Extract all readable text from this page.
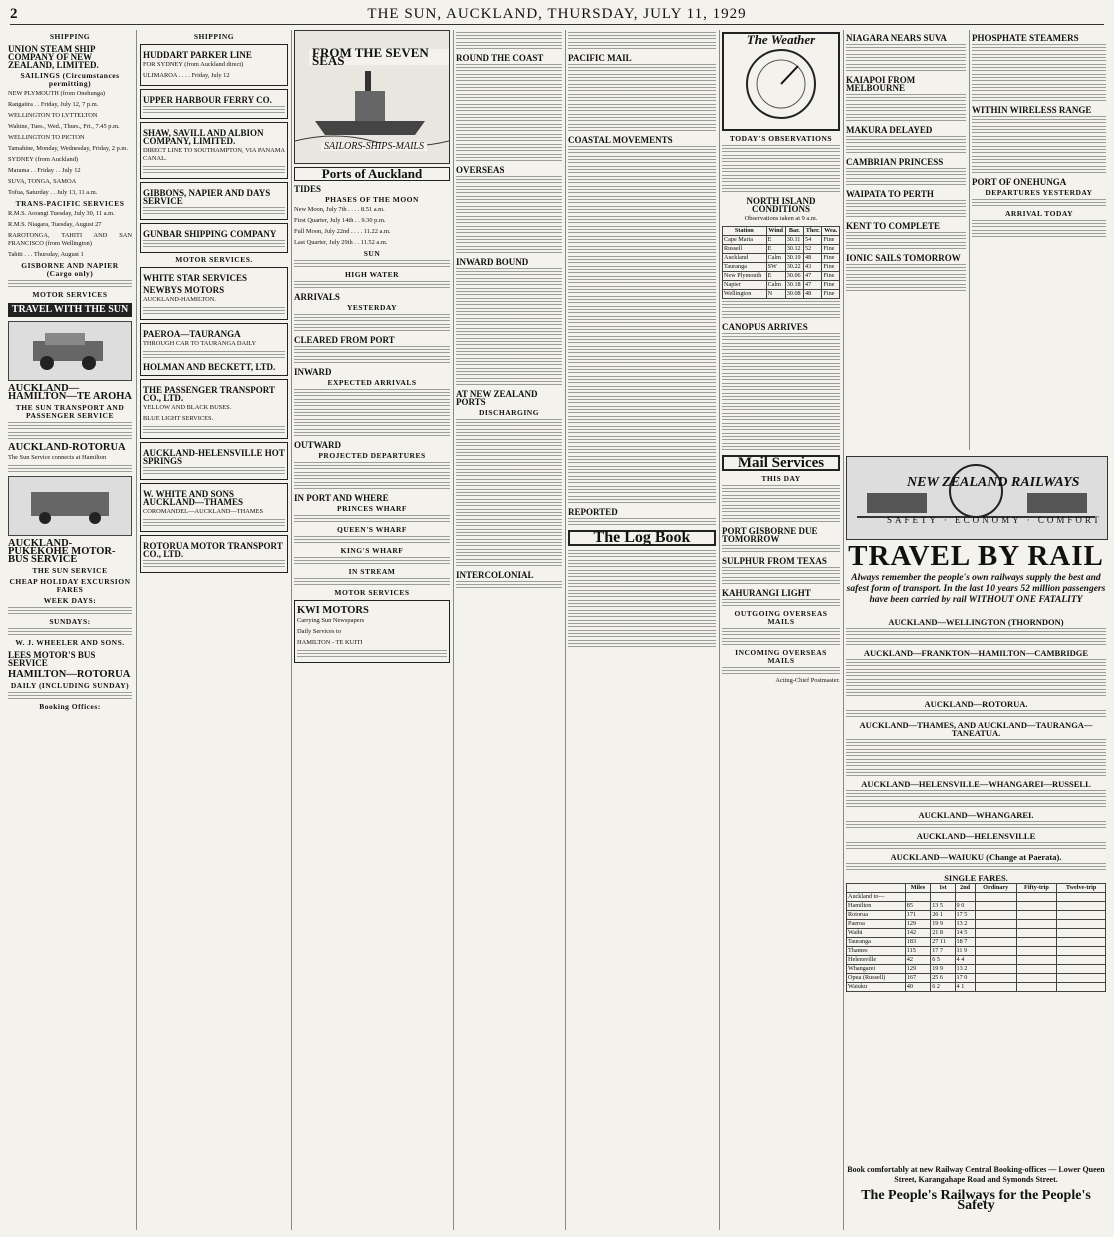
2	THE SUN, AUCKLAND, THURSDAY, JULY 11, 1929
SHIPPING
UNION STEAM SHIP COMPANY OF NEW ZEALAND, LIMITED.
SAILINGS (Circumstances permitting)

NEW PLYMOUTH (from Onehunga)

Rangatira . . Friday, July 12, 7 p.m.

WELLINGTON TO LYTTELTON

Wahine, Tues., Wed., Thurs., Fri., 7.45 p.m.

WELLINGTON TO PICTON

Tamahine, Monday, Wednesday, Friday, 2 p.m.

SYDNEY (from Auckland)

Marama . . Friday . . July 12

SUVA, TONGA, SAMOA

Tofua, Saturday . . July 13, 11 a.m.

TRANS-PACIFIC SERVICES

R.M.S. Aorangi Tuesday, July 30, 11 a.m.

R.M.S. Niagara, Tuesday, August 27

RAROTONGA, TAHITI AND SAN FRANCISCO (from Wellington)

Tahiti . . . Thursday, August 1

GISBORNE AND NAPIER (Cargo only)
MOTOR SERVICES
TRAVEL WITH THE SUN
AUCKLAND—HAMILTON—TE AROHA
THE SUN TRANSPORT AND PASSENGER SERVICE
AUCKLAND-ROTORUA

The Sun Service connects at Hamilton

AUCKLAND-PUKEKOHE MOTOR-BUS SERVICE
THE SUN SERVICE
CHEAP HOLIDAY EXCURSION FARES
WEEK DAYS:
SUNDAYS:
W. J. WHEELER AND SONS.
LEES MOTOR'S BUS SERVICE
HAMILTON—ROTORUA
DAILY (INCLUDING SUNDAY)
Booking Offices:
SHIPPING
HUDDART PARKER LINE

FOR SYDNEY (from Auckland direct)

ULIMAROA . . . . Friday, July 12

UPPER HARBOUR FERRY CO.
SHAW, SAVILL AND ALBION COMPANY, LIMITED.

DIRECT LINE TO SOUTHAMPTON, VIA PANAMA CANAL.

GIBBONS, NAPIER AND DAYS SERVICE
GUNBAR SHIPPING COMPANY
MOTOR SERVICES.
WHITE STAR SERVICES
NEWBYS MOTORS

AUCKLAND-HAMILTON.

PAEROA—TAURANGA

THROUGH CAR TO TAURANGA DAILY

HOLMAN AND BECKETT, LTD.
THE PASSENGER TRANSPORT CO., LTD.

YELLOW AND BLACK BUSES.

BLUE LIGHT SERVICES.

AUCKLAND-HELENSVILLE HOT SPRINGS
W. WHITE AND SONS AUCKLAND—THAMES

COROMANDEL—AUCKLAND—THAMES

ROTORUA MOTOR TRANSPORT CO., LTD.
FROM THE SEVEN SEAS
SAILORS-SHIPS-MAILS
Ports of Auckland
TIDES
PHASES OF THE MOON

New Moon, July 7th . . . . 8.51 a.m.

First Quarter, July 14th . . 9.30 p.m.

Full Moon, July 22nd . . . . 11.22 a.m.

Last Quarter, July 29th . . 11.52 a.m.

SUN
HIGH WATER
ARRIVALS
YESTERDAY
CLEARED FROM PORT
INWARD
EXPECTED ARRIVALS
OUTWARD
PROJECTED DEPARTURES
IN PORT AND WHERE
PRINCES WHARF
QUEEN'S WHARF
KING'S WHARF
IN STREAM
MOTOR SERVICES
KWI MOTORS

Carrying Sun Newspapers

Daily Services to

HAMILTON - TE KUITI

ROUND THE COAST
OVERSEAS
INWARD BOUND
AT NEW ZEALAND PORTS
DISCHARGING
INTERCOLONIAL
PACIFIC MAIL
COASTAL MOVEMENTS
REPORTED
The Log Book
The Weather
TODAY'S OBSERVATIONS
NORTH ISLAND CONDITIONS

Observations taken at 9 a.m.

Station	Wind	Bar.	Ther.	Wea.
Cape Maria	E	30.11	54	Fine
Russell	E	30.12	52	Fine
Auckland	Calm	30.19	48	Fine
Tauranga	SW	30.22	43	Fine
New Plymouth	E	30.06	47	Fine
Napier	Calm	30.18	47	Fine
Wellington	N	30.08	48	Fine
CANOPUS ARRIVES
Mail Services
THIS DAY
PORT GISBORNE DUE TOMORROW
SULPHUR FROM TEXAS
KAHURANGI LIGHT
OUTGOING OVERSEAS MAILS
INCOMING OVERSEAS MAILS

Acting-Chief Postmaster.

NIAGARA NEARS SUVA
KAIAPOI FROM MELBOURNE
MAKURA DELAYED
CAMBRIAN PRINCESS
WAIPATA TO PERTH
KENT TO COMPLETE
IONIC SAILS TOMORROW
PHOSPHATE STEAMERS
WITHIN WIRELESS RANGE
PORT OF ONEHUNGA
DEPARTURES YESTERDAY
ARRIVAL TODAY
NEW ZEALAND RAILWAYS
SAFETY · ECONOMY · COMFORT
TRAVEL BY RAIL
Always remember the people's own railways supply the best and safest form of transport. In the last 10 years 52 million passengers have been carried by rail WITHOUT ONE FATALITY
AUCKLAND—WELLINGTON (THORNDON)
AUCKLAND—FRANKTON—HAMILTON—CAMBRIDGE
AUCKLAND—ROTORUA.
AUCKLAND—THAMES, AND AUCKLAND—TAURANGA—TANEATUA.
AUCKLAND—HELENSVILLE—WHANGAREI—RUSSELL
AUCKLAND—WHANGAREI.
AUCKLAND—HELENSVILLE
AUCKLAND—WAIUKU (Change at Paerata).
SINGLE FARES.
	Miles	1st	2nd	Ordinary	Fifty-trip	Twelve-trip
Auckland to—						
Hamilton	85	13 5	9 0			
Rotorua	171	26 1	17 5			
Paeroa	129	19 9	13 2			
Waihi	142	21 8	14 5			
Tauranga	183	27 11	18 7			
Thames	115	17 7	11 9			
Helensville	42	6 5	4 4			
Whangarei	129	19 9	13 2			
Opua (Russell)	167	25 6	17 0			
Waiuku	40	6 2	4 1			
Book comfortably at new Railway Central Booking-offices — Lower Queen Street, Karangahape Road and Symonds Street.
The People's Railways for the People's Safety
